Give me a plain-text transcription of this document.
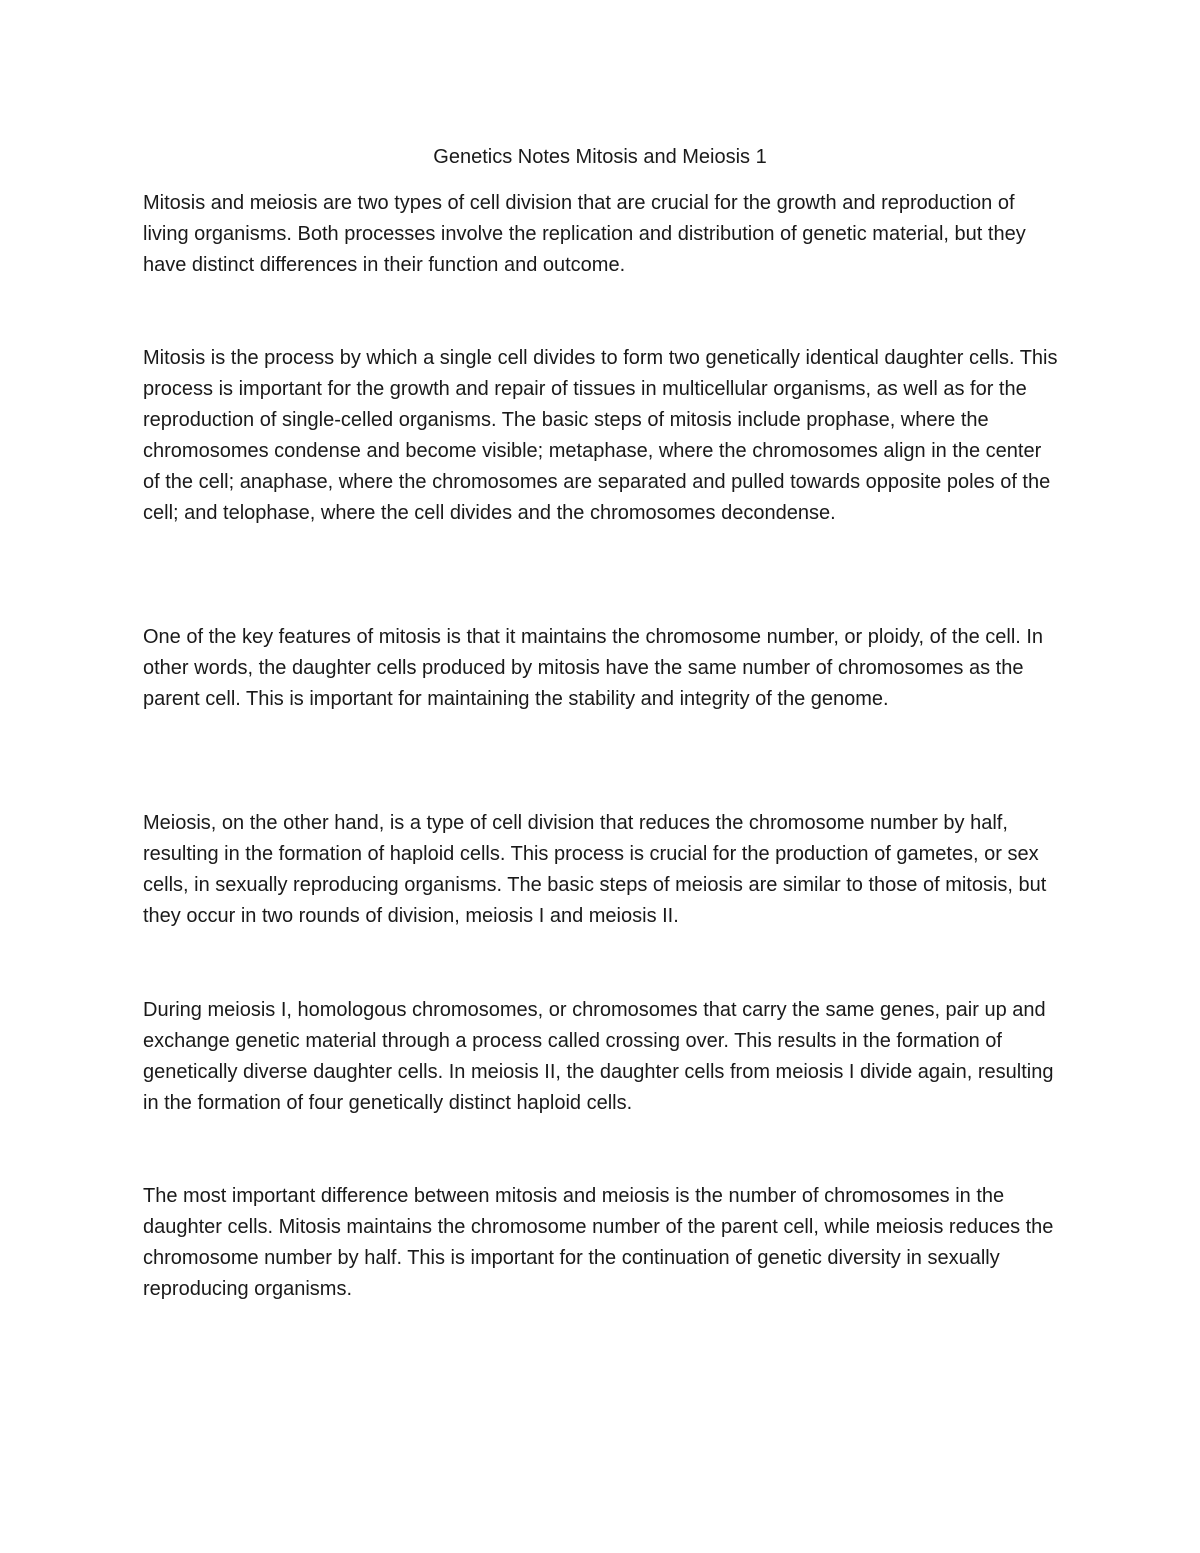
Genetics Notes Mitosis and Meiosis 1

Mitosis and meiosis are two types of cell division that are crucial for the growth and reproduction of living organisms. Both processes involve the replication and distribution of genetic material, but they have distinct differences in their function and outcome.

Mitosis is the process by which a single cell divides to form two genetically identical daughter cells. This process is important for the growth and repair of tissues in multicellular organisms, as well as for the reproduction of single-celled organisms. The basic steps of mitosis include prophase, where the chromosomes condense and become visible; metaphase, where the chromosomes align in the center of the cell; anaphase, where the chromosomes are separated and pulled towards opposite poles of the cell; and telophase, where the cell divides and the chromosomes decondense.

One of the key features of mitosis is that it maintains the chromosome number, or ploidy, of the cell. In other words, the daughter cells produced by mitosis have the same number of chromosomes as the parent cell. This is important for maintaining the stability and integrity of the genome.

Meiosis, on the other hand, is a type of cell division that reduces the chromosome number by half, resulting in the formation of haploid cells. This process is crucial for the production of gametes, or sex cells, in sexually reproducing organisms. The basic steps of meiosis are similar to those of mitosis, but they occur in two rounds of division, meiosis I and meiosis II.

During meiosis I, homologous chromosomes, or chromosomes that carry the same genes, pair up and exchange genetic material through a process called crossing over. This results in the formation of genetically diverse daughter cells. In meiosis II, the daughter cells from meiosis I divide again, resulting in the formation of four genetically distinct haploid cells.

The most important difference between mitosis and meiosis is the number of chromosomes in the daughter cells. Mitosis maintains the chromosome number of the parent cell, while meiosis reduces the chromosome number by half. This is important for the continuation of genetic diversity in sexually reproducing organisms.
